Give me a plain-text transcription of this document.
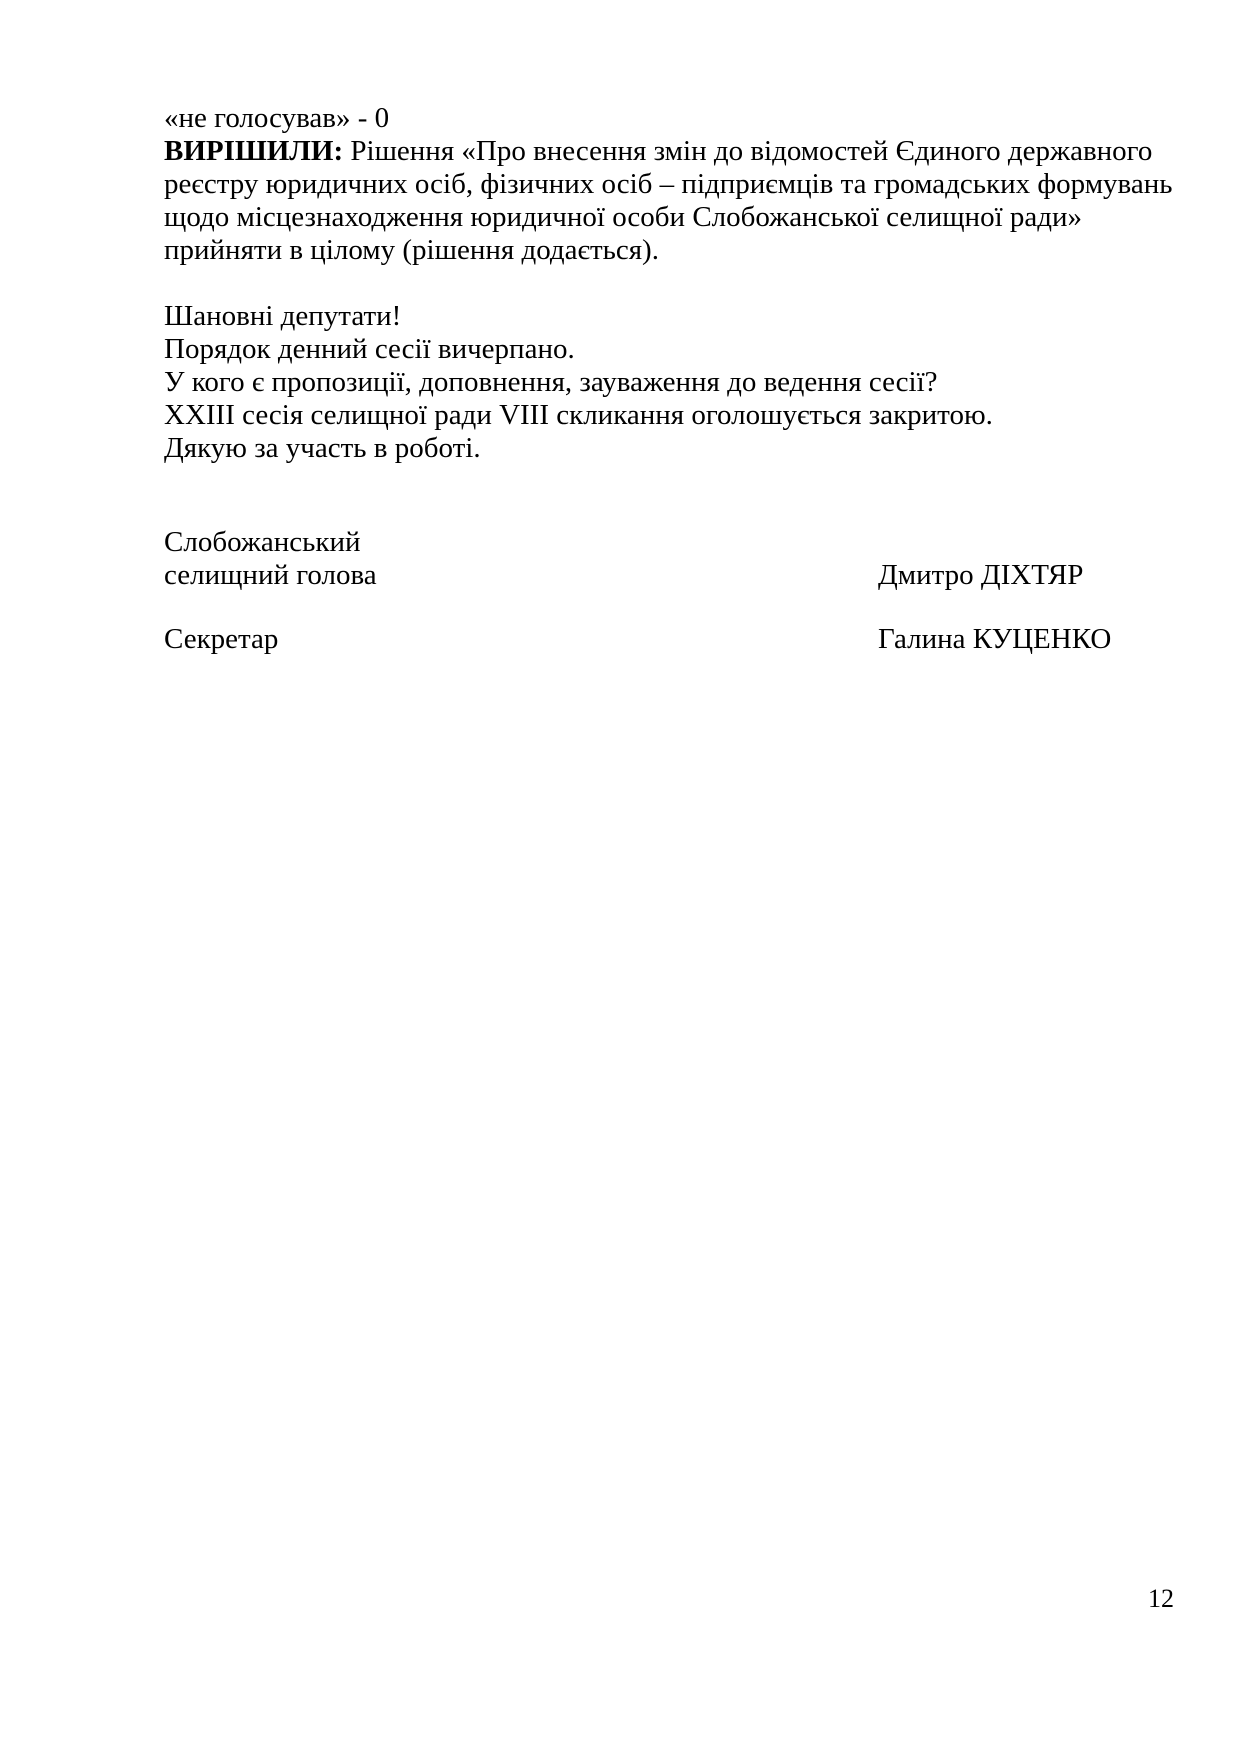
«не голосував» - 0

ВИРІШИЛИ: Рішення «Про внесення змін до відомостей Єдиного державного
реєстру юридичних осіб, фізичних осіб – підприємців та громадських формувань
щодо місцезнаходження юридичної особи Слобожанської селищної ради»
прийняти в цілому (рішення додається).

Шановні депутати!

Порядок денний сесії вичерпано.

У кого є пропозиції, доповнення, зауваження до ведення сесії?

XXIII сесія селищної ради VIII скликання оголошується закритою.

Дякую за участь в роботі.

Слобожанський
селищний голова	Дмитро ДІХТЯР
Секретар	Галина КУЦЕНКО
12
